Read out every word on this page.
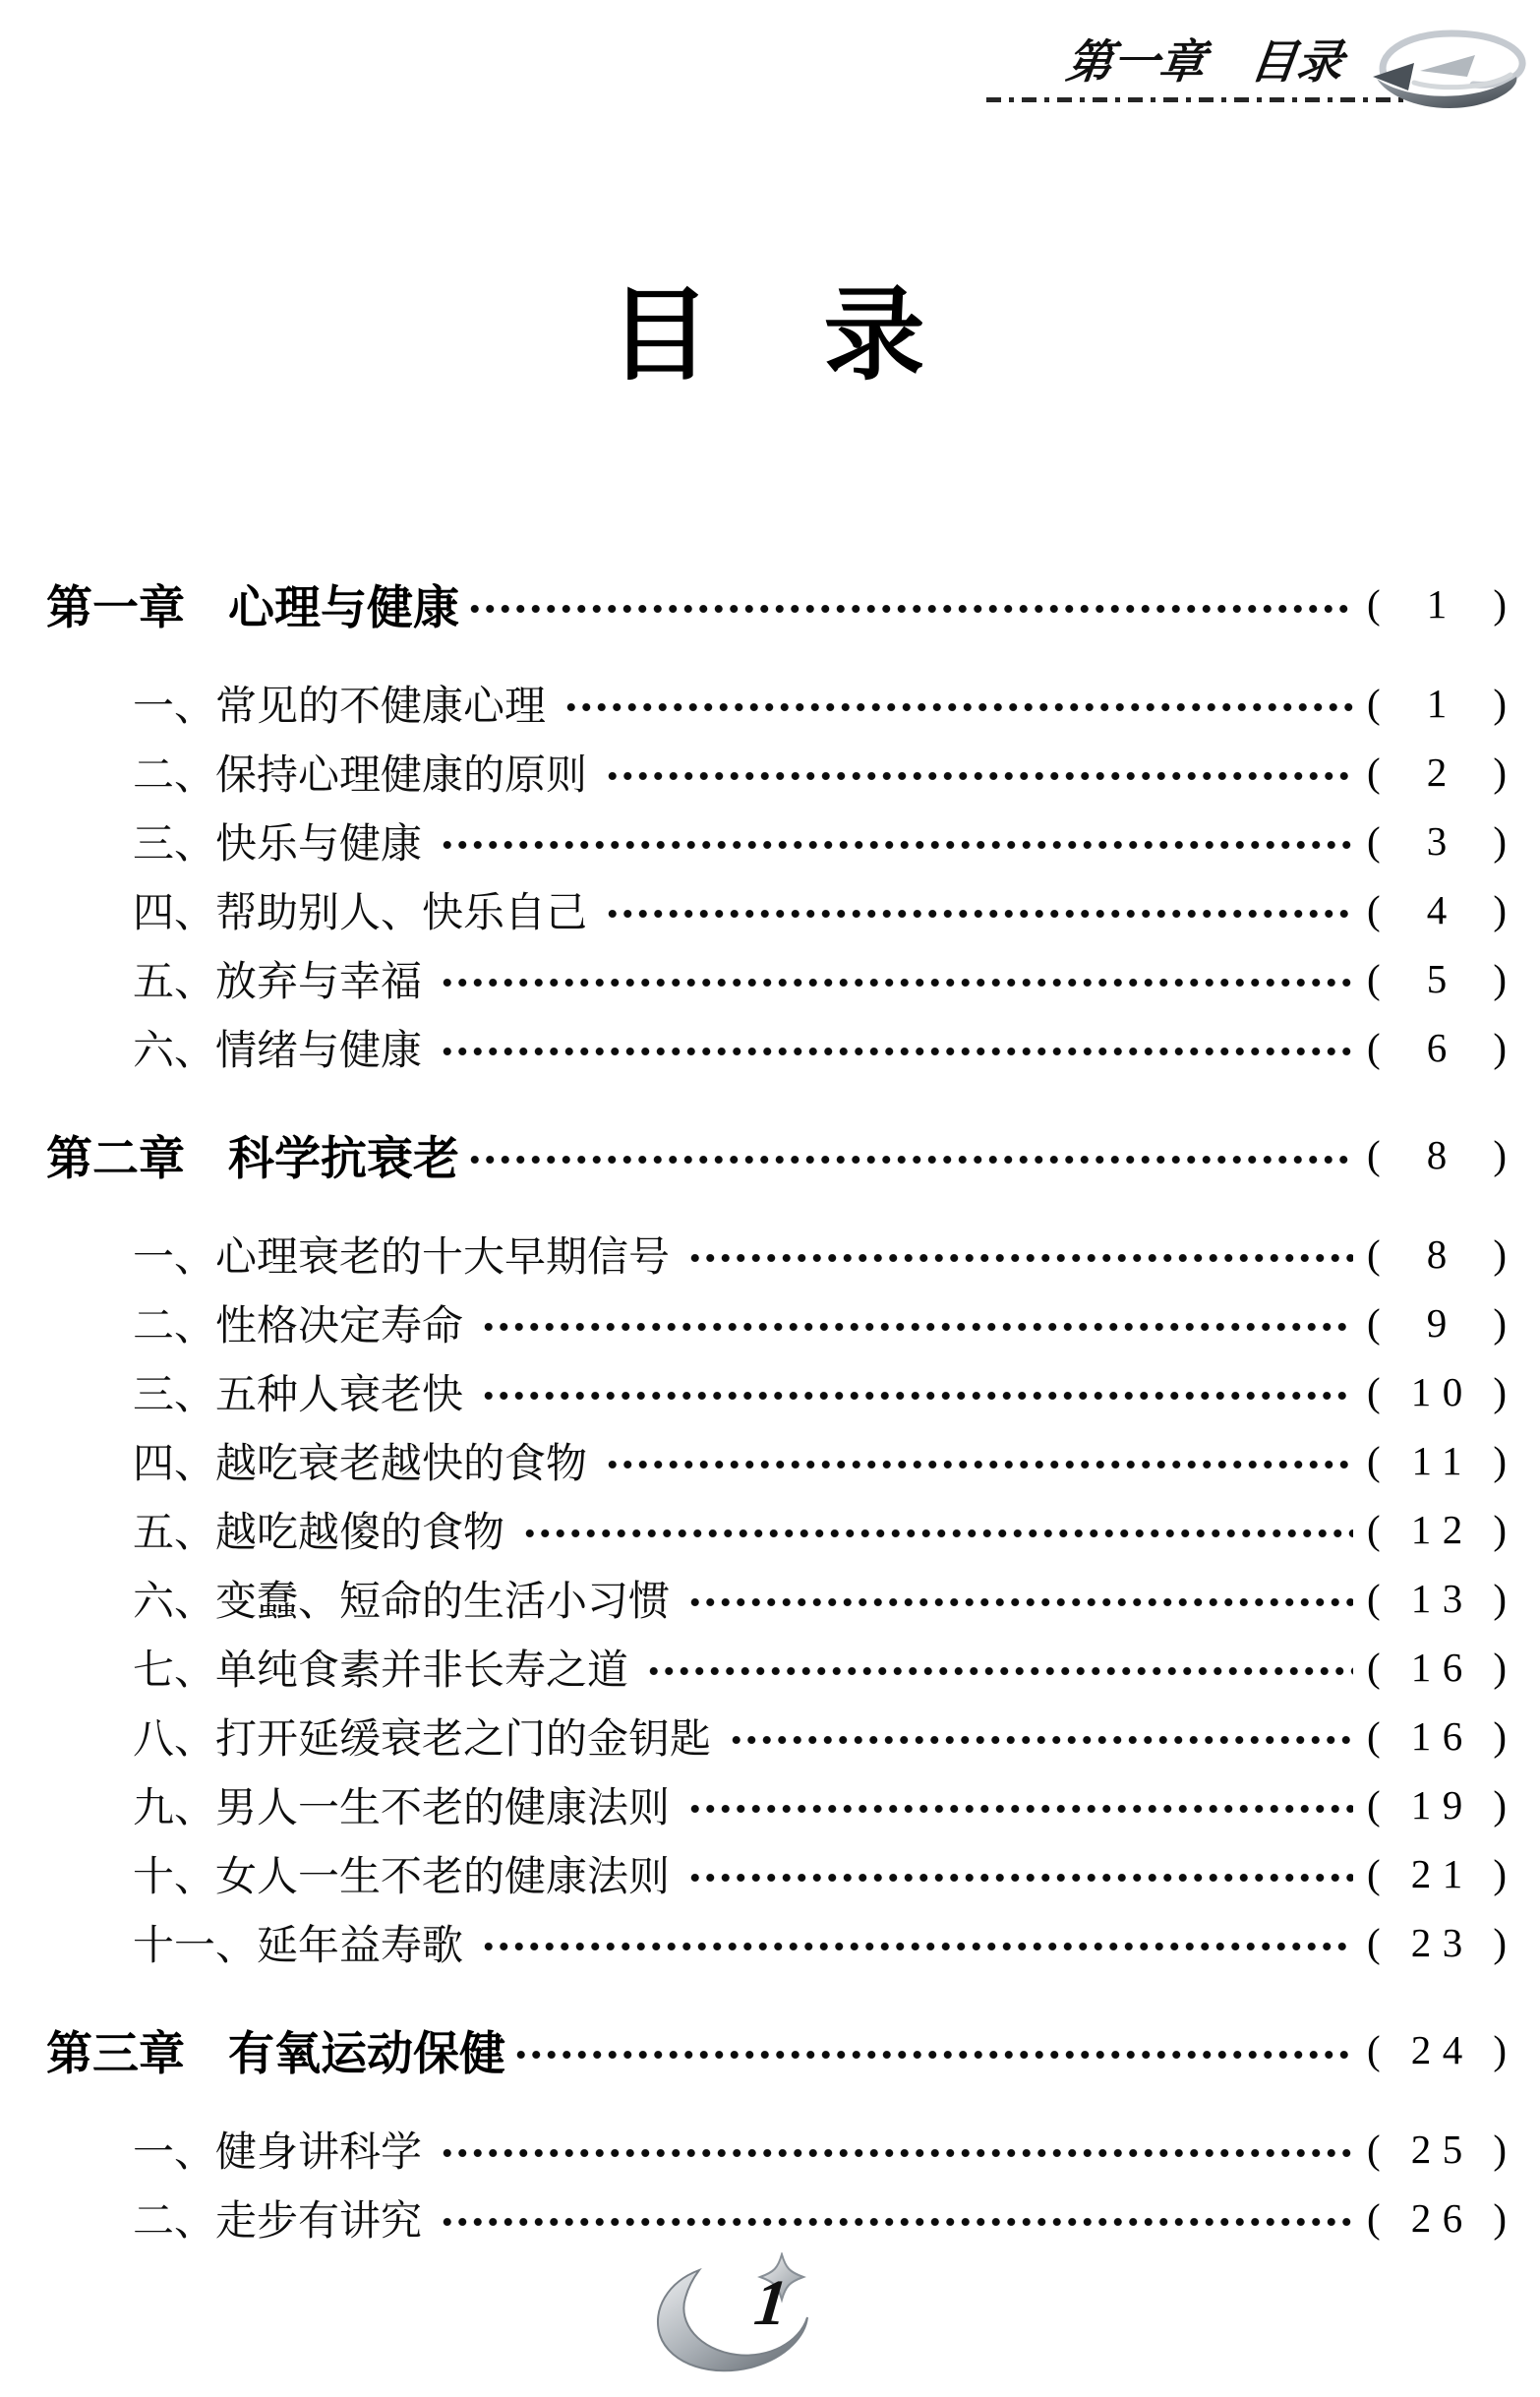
第一章 目录
目　录
第一章 心理与健康	(	1 )
一、常见的不健康心理	(	1 )
二、保持心理健康的原则	(	2 )
三、快乐与健康	(	3 )
四、帮助别人、快乐自己	(	4 )
五、放弃与幸福	(	5 )
六、情绪与健康	(	6 )
第二章 科学抗衰老	(	8 )
一、心理衰老的十大早期信号	(	8 )
二、性格决定寿命	(	9 )
三、五种人衰老快	( 10 )
四、越吃衰老越快的食物	( 11 )
五、越吃越傻的食物	( 12 )
六、变蠢、短命的生活小习惯	( 13 )
七、单纯食素并非长寿之道	( 16 )
八、打开延缓衰老之门的金钥匙	( 16 )
九、男人一生不老的健康法则	( 19 )
十、女人一生不老的健康法则	( 21 )
十一、延年益寿歌	( 23 )
第三章 有氧运动保健	( 24 )
一、健身讲科学	( 25 )
二、走步有讲究	( 26 )
1
